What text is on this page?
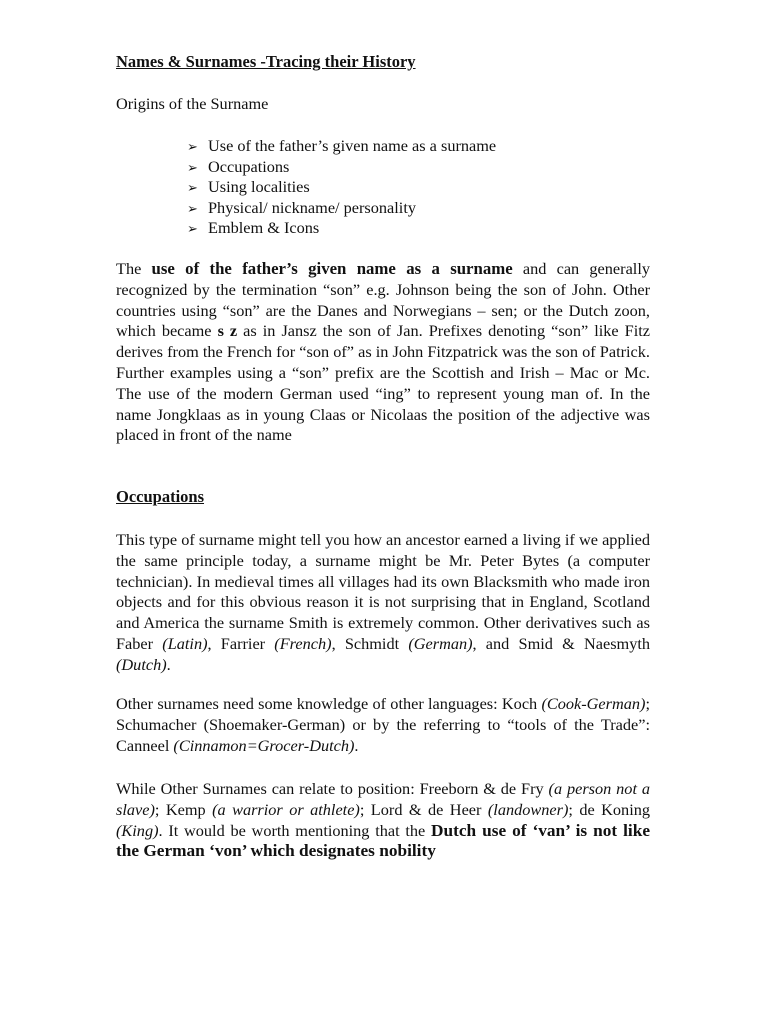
Names & Surnames -Tracing their History
Origins of the Surname
➢ Use of the father’s given name as a surname
➢ Occupations
➢ Using localities
➢ Physical/ nickname/ personality
➢ Emblem & Icons

The use of the father’s given name as a surname and can generally recognized by the termination “son” e.g. Johnson being the son of John. Other countries using “son” are the Danes and Norwegians – sen; or the Dutch zoon, which became s z as in Jansz the son of Jan. Prefixes denoting “son” like Fitz derives from the French for “son of” as in John Fitzpatrick was the son of Patrick. Further examples using a “son” prefix are the Scottish and Irish – Mac or Mc. The use of the modern German used “ing” to represent young man of. In the name Jongklaas as in young Claas or Nicolaas the position of the adjective was placed in front of the name

Occupations

This type of surname might tell you how an ancestor earned a living if we applied the same principle today, a surname might be Mr. Peter Bytes (a computer technician). In medieval times all villages had its own Blacksmith who made iron objects and for this obvious reason it is not surprising that in England, Scotland and America the surname Smith is extremely common. Other derivatives such as Faber (Latin), Farrier (French), Schmidt (German), and Smid & Naesmyth (Dutch).

Other surnames need some knowledge of other languages: Koch (Cook-German); Schumacher (Shoemaker-German) or by the referring to “tools of the Trade”: Canneel (Cinnamon=Grocer-Dutch).

While Other Surnames can relate to position: Freeborn & de Fry (a person not a slave); Kemp (a warrior or athlete); Lord & de Heer (landowner); de Koning (King). It would be worth mentioning that the Dutch use of ‘van’ is not like the German ‘von’ which designates nobility
